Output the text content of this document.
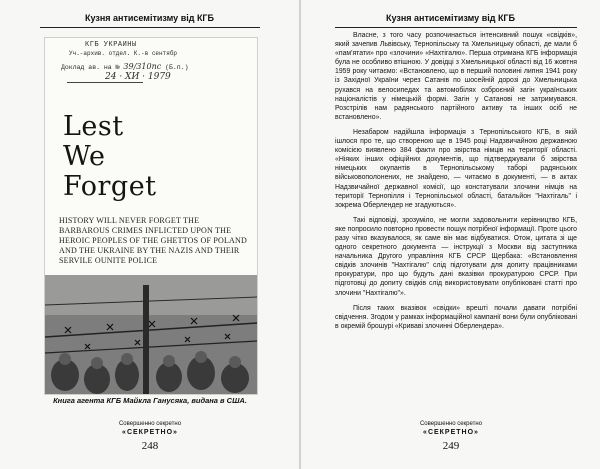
Кузня антисемітизму від КГБ
КГБ УКРАИНЫ
Уч.-архив. отдел. К.-в сентябр
Доклад ав. на № 39/310пс (Б.п.)
24 · ХИ · 1979
Lest
We
Forget
HISTORY WILL NEVER FORGET THE BARBAROUS CRIMES INFLICTED UPON THE HEROIC PEOPLES OF THE GHETTOS OF POLAND AND THE UKRAINE BY THE NAZIS AND THEIR SERVILE OUNITE POLICE
Книга агента КГБ Майкла Ганусяка, видана в США.
Совершенно секретно
«СЕКРЕТНО»
248
Кузня антисемітизму від КГБ

Власне, з того часу розпочинається інтенсивний пошук «свідків», який зачепив Львівську, Тернопільську та Хмельницьку області, де мали б «пам'ятати» про «злочини» «Нахтігалю». Перша отримана КГБ інформація була не особливо втішною. У довідці з Хмельницької області від 16 жовтня 1959 року читаємо: «Встановлено, що в перший половині липня 1941 року із Західної України через Сатанів по шосейній дорозі до Хмельницька рухався на велосипедах та автомобілях озброєний загін українських націоналістів у німецькій формі. Загін у Сатанові не затримувався. Розстрілів нам радянського партійного активу та інших осіб не встановлено».

Незабаром надійшла інформація з Тернопільського КГБ, в якій ішлося про те, що створеною ще в 1945 році Надзвичайною державною комісією виявлено 384 факти про звірства німців на території області. «Ніяких інших офіційних документів, що підтверджували б звірства німецьких окупантів в Тернопільському таборі радянських військовополонених, не знайдено, — читаємо в документі, — в актах Надзвичайної державної комісії, що констатували злочини німців на території Тернопілля і Тернопільської області, батальйон "Нахтігаль" і зокрема Оберлендер не згадуються».

Такі відповіді, зрозуміло, не могли задовольнити керівництво КГБ, яке попросило повторно провести пошук потрібної інформації. Проте цього разу чітко вказувалося, як саме він має відбуватися. Отож, цитата зі ще одного секретного документа — інструкції з Москви від заступника начальника Другого управління КГБ СРСР Щербака: «Встановлення свідків злочинів "Нахтігалю" слід підготувати для допиту працівниками прокуратури, про що будуть дані вказівки прокуратурою СРСР. При підготовці до допиту свідків слід використовувати опубліковані статті про злочини "Нахтігалю"».

Після таких вказівок «свідки» врешті почали давати потрібні свідчення. Згодом у рамках інформаційної кампанії вони були опубліковані в окремій брошурі «Криваві злочинні Оберлендера».

Совершенно секретно
«СЕКРЕТНО»
249
